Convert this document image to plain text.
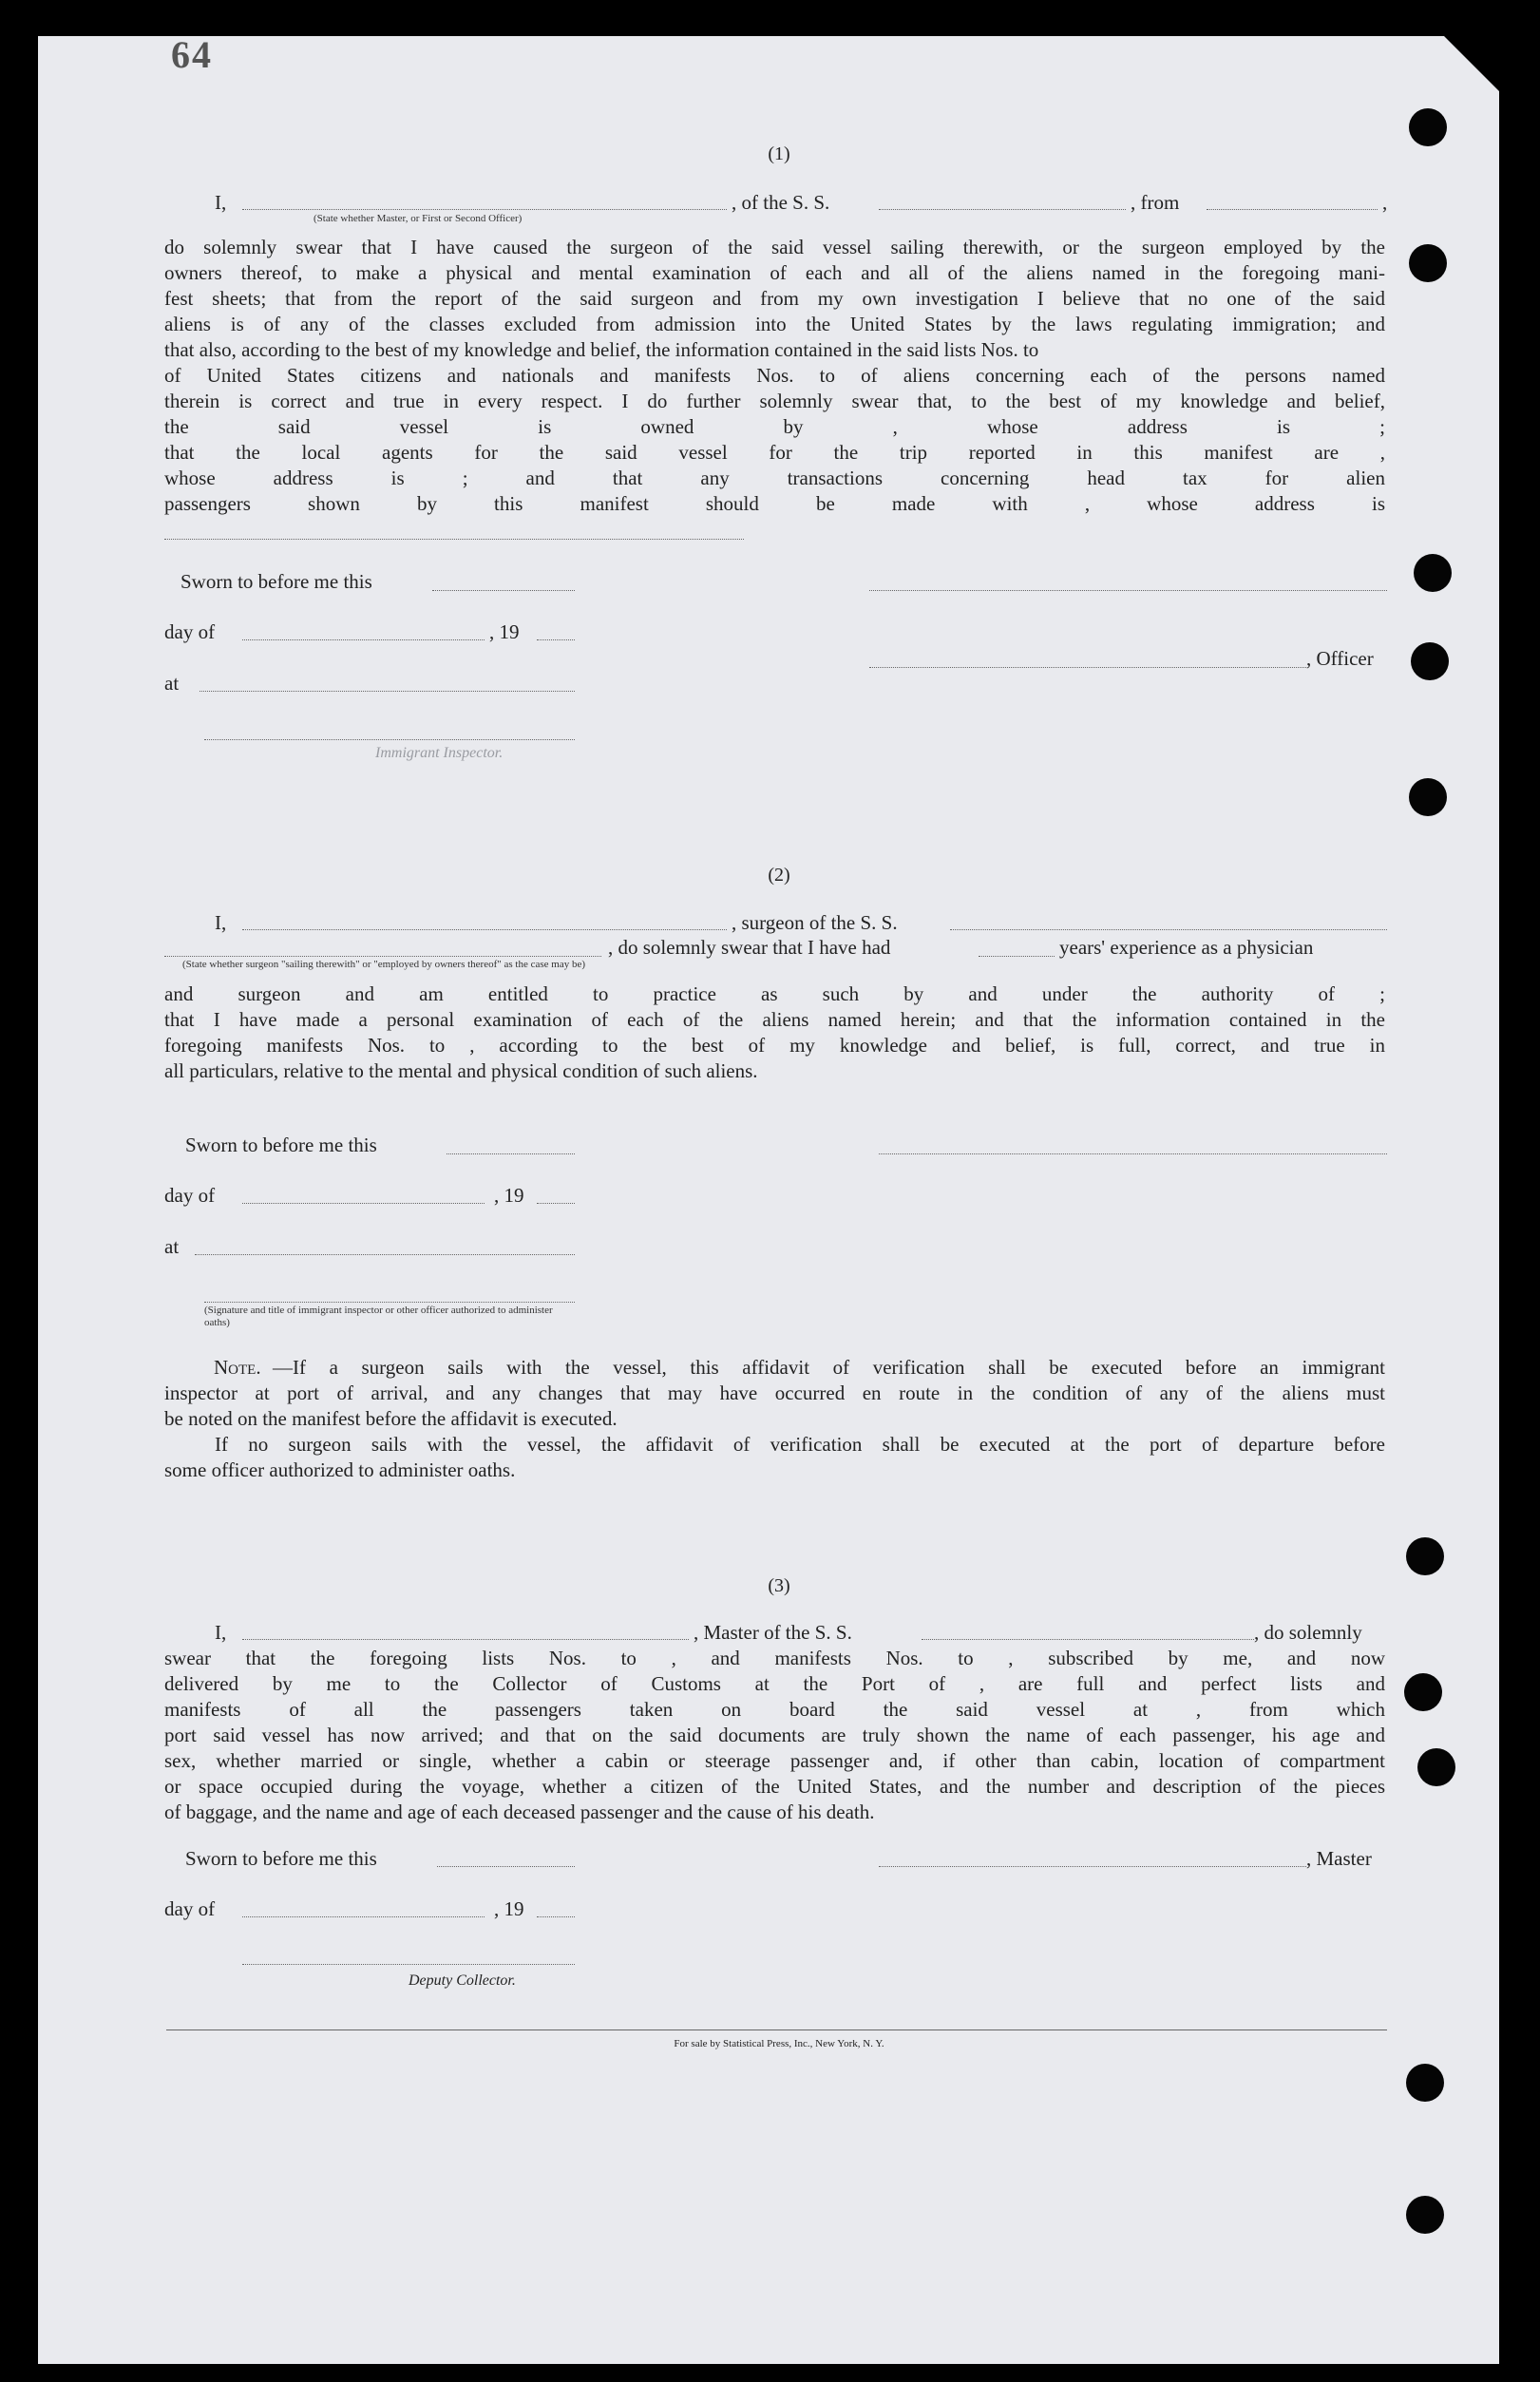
64
(1)
I,	, of the S. S.	, from	,
(State whether Master, or First or Second Officer)
do solemnly swear that I have caused the surgeon of the said vessel sailing therewith, or the surgeon employed by the
owners thereof, to make a physical and mental examination of each and all of the aliens named in the foregoing mani-
fest sheets; that from the report of the said surgeon and from my own investigation I believe that no one of the said
aliens is of any of the classes excluded from admission into the United States by the laws regulating immigration; and
that also, according to the best of my knowledge and belief, the information contained in the said lists Nos. to
of United States citizens and nationals and manifests Nos. to of aliens concerning each of the persons named
therein is correct and true in every respect. I do further solemnly swear that, to the best of my knowledge and belief,
the said vessel is owned by , whose address is ;
that the local agents for the said vessel for the trip reported in this manifest are ,
whose address is ; and that any transactions concerning head tax for alien
passengers shown by this manifest should be made with , whose address is
Sworn to before me this
day of	, 19
, Officer
at
Immigrant Inspector.
(2)
I,	, surgeon of the S. S.
, do solemnly swear that I have had	years' experience as a physician
(State whether surgeon "sailing therewith" or "employed by owners thereof" as the case may be)
and surgeon and am entitled to practice as such by and under the authority of ;
that I have made a personal examination of each of the aliens named herein; and that the information contained in the
foregoing manifests Nos. to , according to the best of my knowledge and belief, is full, correct, and true in
all particulars, relative to the mental and physical condition of such aliens.
Sworn to before me this
day of	, 19
at
(Signature and title of immigrant inspector or other officer authorized to administer oaths)
Note. —If a surgeon sails with the vessel, this affidavit of verification shall be executed before an immigrant
inspector at port of arrival, and any changes that may have occurred en route in the condition of any of the aliens must
be noted on the manifest before the affidavit is executed.
If no surgeon sails with the vessel, the affidavit of verification shall be executed at the port of departure before
some officer authorized to administer oaths.
(3)
I,	, Master of the S. S.	, do solemnly
swear that the foregoing lists Nos. to , and manifests Nos. to , subscribed by me, and now
delivered by me to the Collector of Customs at the Port of , are full and perfect lists and
manifests of all the passengers taken on board the said vessel at , from which
port said vessel has now arrived; and that on the said documents are truly shown the name of each passenger, his age and
sex, whether married or single, whether a cabin or steerage passenger and, if other than cabin, location of compartment
or space occupied during the voyage, whether a citizen of the United States, and the number and description of the pieces
of baggage, and the name and age of each deceased passenger and the cause of his death.
Sworn to before me this	, Master
day of	, 19
Deputy Collector.
For sale by Statistical Press, Inc., New York, N. Y.
